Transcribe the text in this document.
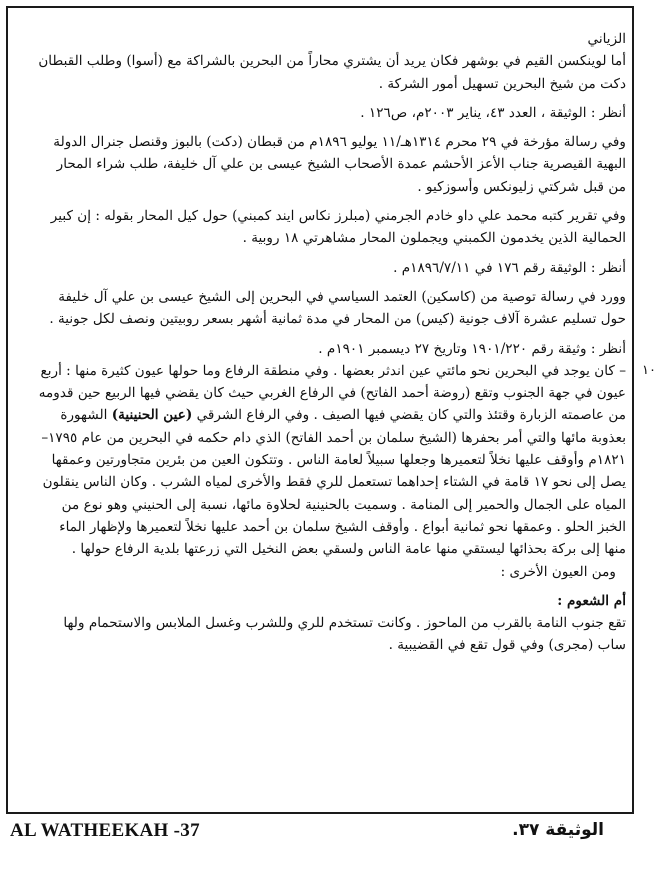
الزياني

أما لوينكسن القيم في بوشهر فكان يريد أن يشتري محاراً من البحرين بالشراكة مع (أسوا) وطلب القبطان دكت من شيخ البحرين تسهيل أمور الشركة .

أنظر : الوثيقة ، العدد ٤٣، يناير ٢٠٠٣م، ص١٢٦ .

وفي رسالة مؤرخة في ٢٩ محرم ١٣١٤هـ/١١ يوليو ١٨٩٦م من قبطان (دكت) بالبوز وقنصل جنرال الدولة البهية القيصرية جناب الأعز الأحشم عمدة الأصحاب الشيخ عيسى بن علي آل خليفة، طلب شراء المحار من قبل شركتي زليونكس وأسوزكيو .

وفي تقرير كتبه محمد علي داو خادم الجرمني (مبلرز نكاس ايند كمبني) حول كيل المحار بقوله : إن كبير الحمالية الذين يخدمون الكمبني ويجملون المحار مشاهرتي ١٨ روبية .

أنظر : الوثيقة رقم ١٧٦ في ١٨٩٦/٧/١١م .

وورد في رسالة توصية من (كاسكين) العتمد السياسي في البحرين إلى الشيخ عيسى بن علي آل خليفة حول تسليم عشرة آلاف جونية (كيس) من المحار في مدة ثمانية أشهر بسعر روبيتين ونصف لكل جونية .

أنظر : وثيقة رقم ١٩٠١/٢٢٠ وتاريخ ٢٧ ديسمبر ١٩٠١م .

١٠
– كان يوجد في البحرين نحو مائتي عين اندثر بعضها . وفي منطقة الرفاع وما حولها عيون كثيرة منها : أربع عيون في جهة الجنوب وتقع (روضة أحمد الفاتح) في الرفاع الغربي حيث كان يقضي فيها الربيع حين قدومه من عاصمته الزبارة وقتئذ والتي كان يقضي فيها الصيف . وفي الرفاع الشرقي (عين الحنينية) الشهورة بعذوبة مائها والتي أمر بحفرها (الشيخ سلمان بن أحمد الفاتح) الذي دام حكمه في البحرين من عام ١٧٩٥–١٨٢١م وأوقف عليها نخلاً لتعميرها وجعلها سبيلاً لعامة الناس . وتتكون العين من بئرين متجاورتين وعمقها يصل إلى نحو ١٧ قامة في الشتاء إحداهما تستعمل للري فقط والأخرى لمياه الشرب . وكان الناس ينقلون المياه على الجمال والحمير إلى المنامة . وسميت بالحنينية لحلاوة مائها، نسبة إلى الحنيني وهو نوع من الخبز الحلو . وعمقها نحو ثمانية أبواع . وأوقف الشيخ سلمان بن أحمد عليها نخلاً لتعميرها ولإظهار الماء منها إلى بركة بحذائها ليستقي منها عامة الناس ولسقي بعض النخيل التي زرعتها بلدية الرفاع حولها .

ومن العيون الأخرى :

أم الشعوم :

تقع جنوب النامة بالقرب من الماحوز . وكانت تستخدم للري وللشرب وغسل الملابس والاستحمام ولها ساب (مجرى) وفي قول تقع في القضيبية .

AL WATHEEKAH -37	الوثيقة ٣٧.
